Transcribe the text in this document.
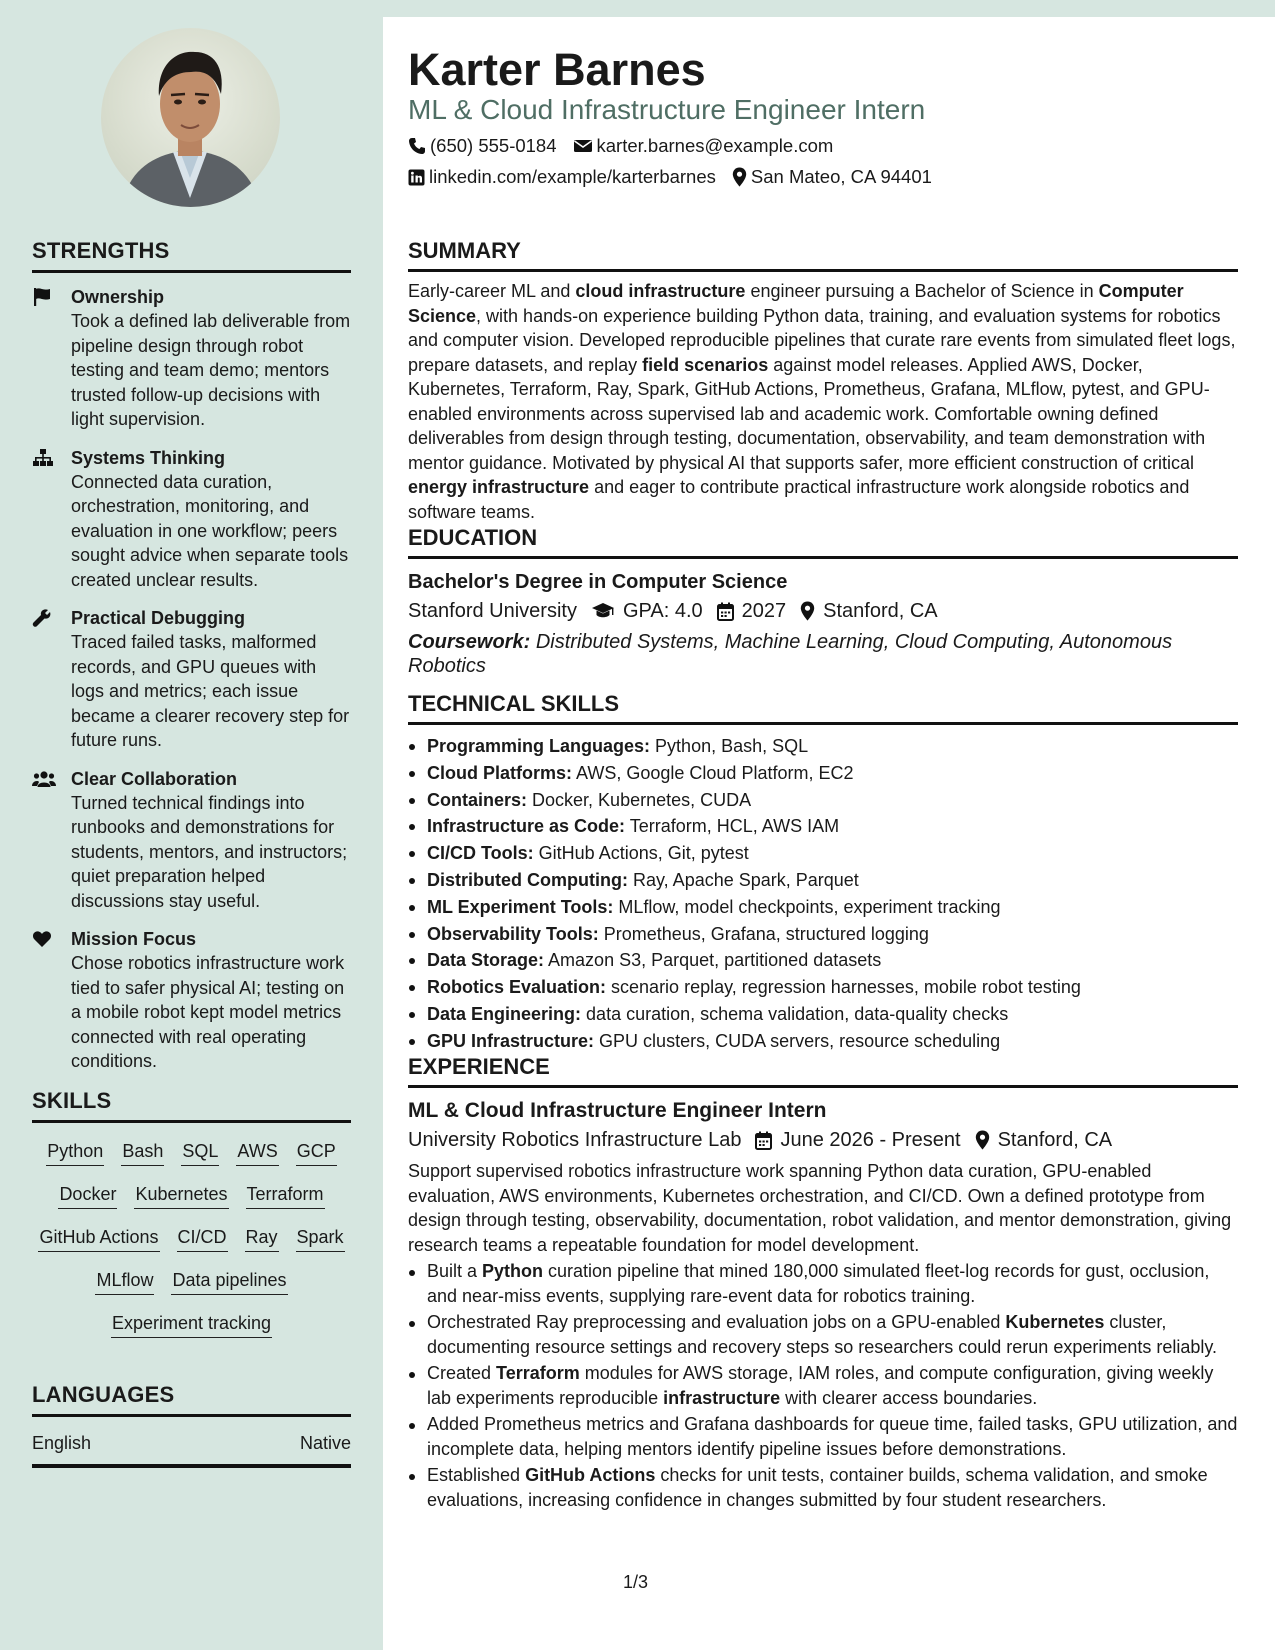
STRENGTHS
Ownership
Took a defined lab deliverable from pipeline design through robot testing and team demo; mentors trusted follow-up decisions with light supervision.
Systems Thinking
Connected data curation, orchestration, monitoring, and evaluation in one workflow; peers sought advice when separate tools created unclear results.
Practical Debugging
Traced failed tasks, malformed records, and GPU queues with logs and metrics; each issue became a clearer recovery step for future runs.
Clear Collaboration
Turned technical findings into runbooks and demonstrations for students, mentors, and instructors; quiet preparation helped discussions stay useful.
Mission Focus
Chose robotics infrastructure work tied to safer physical AI; testing on a mobile robot kept model metrics connected with real operating conditions.
SKILLS
Python Bash SQL AWS GCP
Docker Kubernetes Terraform
GitHub Actions CI/CD Ray Spark
MLflow Data pipelines
Experiment tracking
LANGUAGES
English	Native
Karter Barnes
ML & Cloud Infrastructure Engineer Intern
(650) 555-0184 karter.barnes@example.com
linkedin.com/example/karterbarnes San Mateo, CA 94401
SUMMARY

Early-career ML and cloud infrastructure engineer pursuing a Bachelor of Science in Computer Science, with hands-on experience building Python data, training, and evaluation systems for robotics and computer vision. Developed reproducible pipelines that curate rare events from simulated fleet logs, prepare datasets, and replay field scenarios against model releases. Applied AWS, Docker, Kubernetes, Terraform, Ray, Spark, GitHub Actions, Prometheus, Grafana, MLflow, pytest, and GPU-enabled environments across supervised lab and academic work. Comfortable owning defined deliverables from design through testing, documentation, observability, and team demonstration with mentor guidance. Motivated by physical AI that supports safer, more efficient construction of critical energy infrastructure and eager to contribute practical infrastructure work alongside robotics and software teams.

EDUCATION
Bachelor's Degree in Computer Science
Stanford University GPA: 4.0 2027 Stanford, CA
Coursework: Distributed Systems, Machine Learning, Cloud Computing, Autonomous Robotics
TECHNICAL SKILLS
Programming Languages: Python, Bash, SQL
Cloud Platforms: AWS, Google Cloud Platform, EC2
Containers: Docker, Kubernetes, CUDA
Infrastructure as Code: Terraform, HCL, AWS IAM
CI/CD Tools: GitHub Actions, Git, pytest
Distributed Computing: Ray, Apache Spark, Parquet
ML Experiment Tools: MLflow, model checkpoints, experiment tracking
Observability Tools: Prometheus, Grafana, structured logging
Data Storage: Amazon S3, Parquet, partitioned datasets
Robotics Evaluation: scenario replay, regression harnesses, mobile robot testing
Data Engineering: data curation, schema validation, data-quality checks
GPU Infrastructure: GPU clusters, CUDA servers, resource scheduling
EXPERIENCE
ML & Cloud Infrastructure Engineer Intern
University Robotics Infrastructure Lab June 2026 - Present Stanford, CA

Support supervised robotics infrastructure work spanning Python data curation, GPU-enabled evaluation, AWS environments, Kubernetes orchestration, and CI/CD. Own a defined prototype from design through testing, observability, documentation, robot validation, and mentor demonstration, giving research teams a repeatable foundation for model development.

Built a Python curation pipeline that mined 180,000 simulated fleet-log records for gust, occlusion, and near-miss events, supplying rare-event data for robotics training.
Orchestrated Ray preprocessing and evaluation jobs on a GPU-enabled Kubernetes cluster, documenting resource settings and recovery steps so researchers could rerun experiments reliably.
Created Terraform modules for AWS storage, IAM roles, and compute configuration, giving weekly lab experiments reproducible infrastructure with clearer access boundaries.
Added Prometheus metrics and Grafana dashboards for queue time, failed tasks, GPU utilization, and incomplete data, helping mentors identify pipeline issues before demonstrations.
Established GitHub Actions checks for unit tests, container builds, schema validation, and smoke evaluations, increasing confidence in changes submitted by four student researchers.
1/3
